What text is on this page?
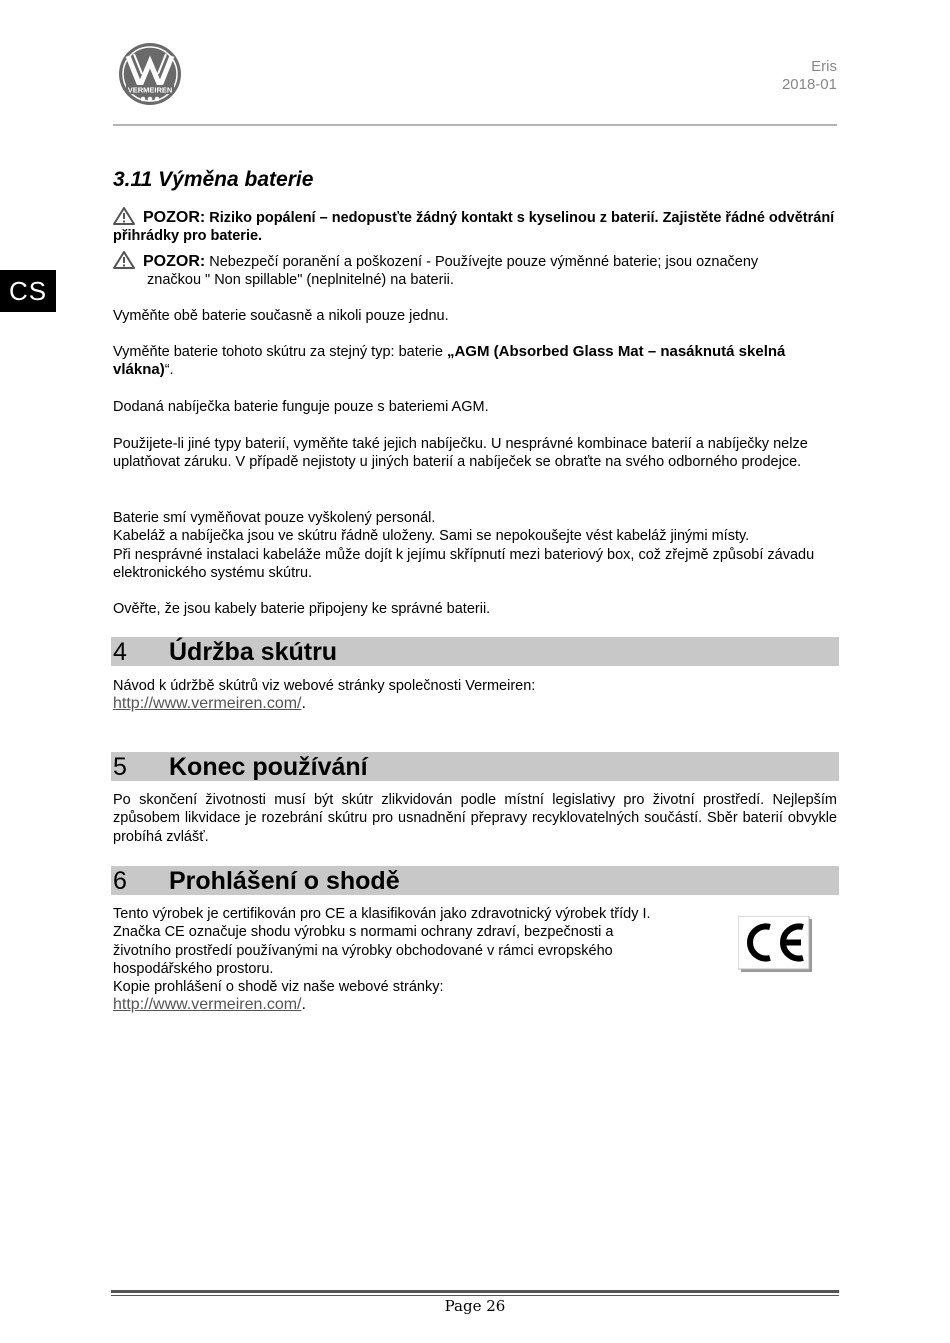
VERMEIREN
Eris
2018-01
CS
3.11 Výměna baterie
POZOR: Riziko popálení – nedopusťte žádný kontakt s kyselinou z baterií. Zajistěte řádné odvětrání přihrádky pro baterie.
POZOR: Nebezpečí poranění a poškození - Používejte pouze výměnné baterie; jsou označeny
značkou " Non spillable" (neplnitelné) na baterii.
Vyměňte obě baterie současně a nikoli pouze jednu.
Vyměňte baterie tohoto skútru za stejný typ: baterie „AGM (Absorbed Glass Mat – nasáknutá skelná vlákna)“.
Dodaná nabíječka baterie funguje pouze s bateriemi AGM.
Použijete-li jiné typy baterií, vyměňte také jejich nabíječku. U nesprávné kombinace baterií a nabíječky nelze uplatňovat záruku. V případě nejistoty u jiných baterií a nabíječek se obraťte na svého odborného prodejce.
Baterie smí vyměňovat pouze vyškolený personál.
Kabeláž a nabíječka jsou ve skútru řádně uloženy. Sami se nepokoušejte vést kabeláž jinými místy.
Při nesprávné instalaci kabeláže může dojít k jejímu skřípnutí mezi bateriový box, což zřejmě způsobí závadu elektronického systému skútru.
Ověřte, že jsou kabely baterie připojeny ke správné baterii.
4 Údržba skútru
Návod k údržbě skútrů viz webové stránky společnosti Vermeiren:
http://www.vermeiren.com/.
5 Konec používání
Po skončení životnosti musí být skútr zlikvidován podle místní legislativy pro životní prostředí. Nejlepším způsobem likvidace je rozebrání skútru pro usnadnění přepravy recyklovatelných součástí. Sběr baterií obvykle probíhá zvlášť.
6 Prohlášení o shodě
Tento výrobek je certifikován pro CE a klasifikován jako zdravotnický výrobek třídy I.
Značka CE označuje shodu výrobku s normami ochrany zdraví, bezpečnosti a
životního prostředí používanými na výrobky obchodované v rámci evropského
hospodářského prostoru.
Kopie prohlášení o shodě viz naše webové stránky:
http://www.vermeiren.com/.
Page 26
